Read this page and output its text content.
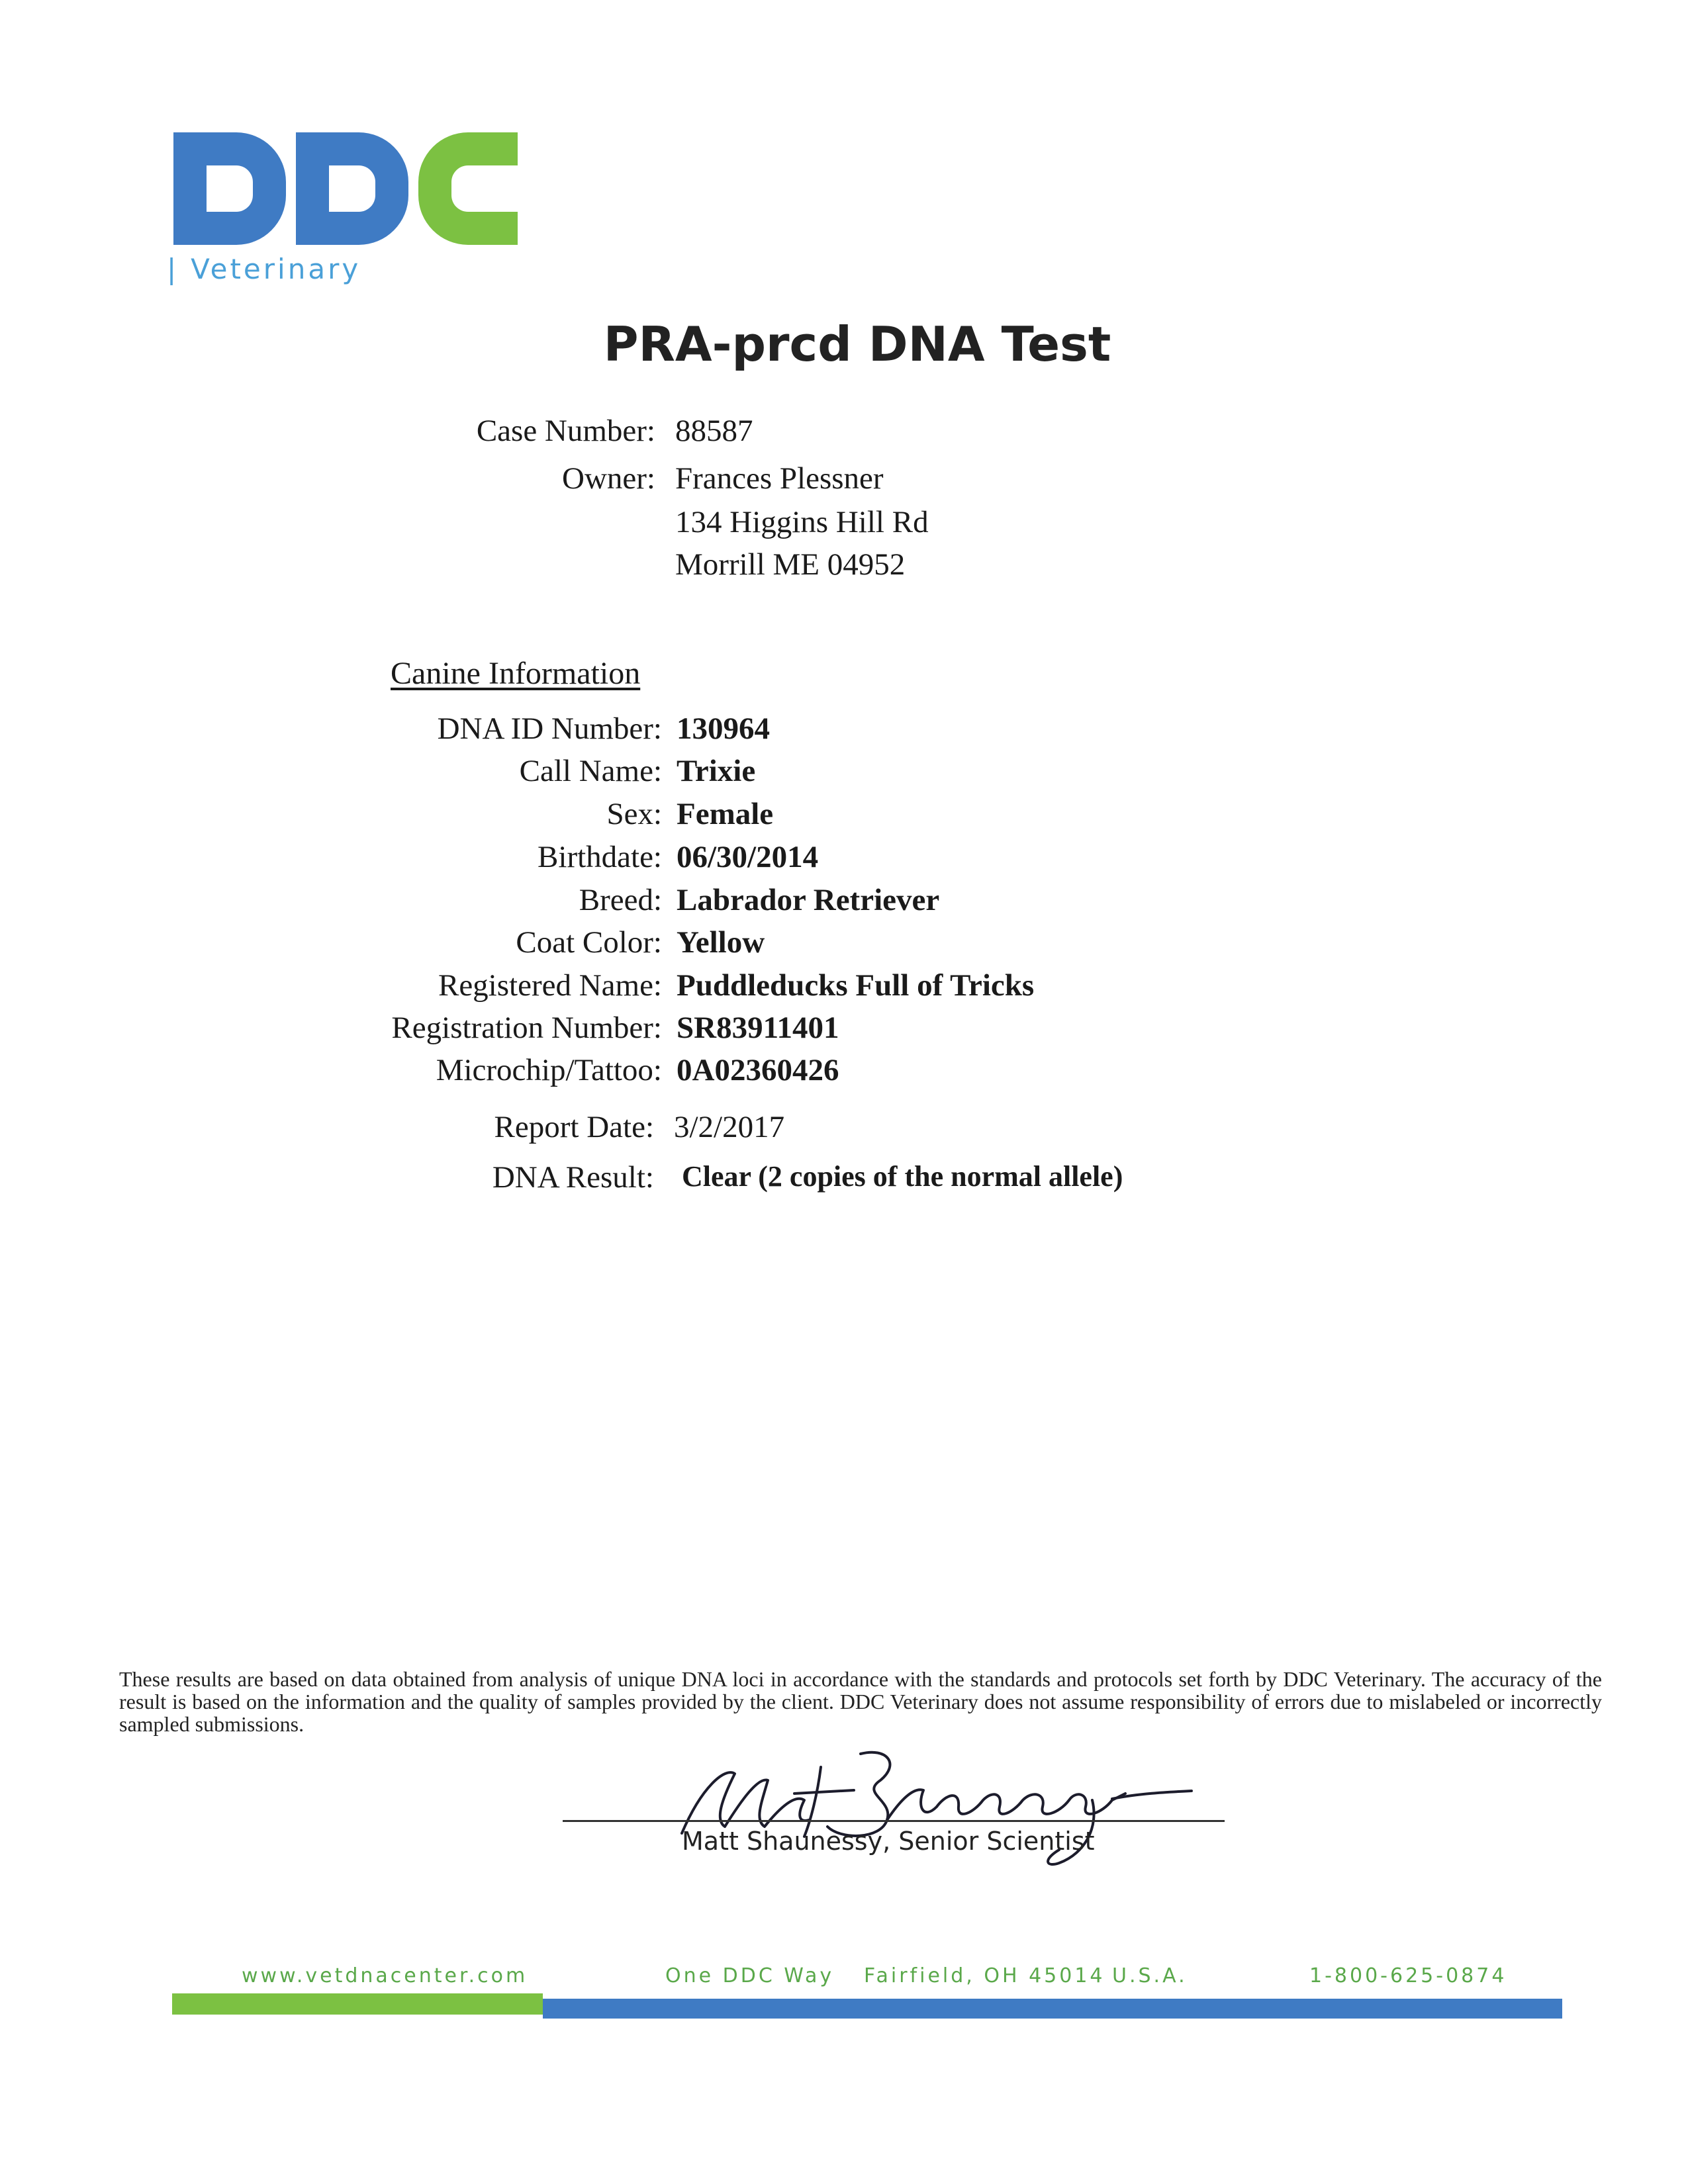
| Veterinary
PRA-prcd DNA Test
Case Number: 88587
Owner: Frances Plessner
134 Higgins Hill Rd
Morrill ME 04952
Canine Information
DNA ID Number: 130964
Call Name: Trixie
Sex: Female
Birthdate: 06/30/2014
Breed: Labrador Retriever
Coat Color: Yellow
Registered Name: Puddleducks Full of Tricks
Registration Number: SR83911401
Microchip/Tattoo: 0A02360426
Report Date: 3/2/2017
DNA Result: Clear (2 copies of the normal allele)
These results are based on data obtained from analysis of unique DNA loci in accordance with the standards and protocols set forth by DDC Veterinary. The accuracy of the result is based on the information and the quality of samples provided by the client. DDC Veterinary does not assume responsibility of errors due to mislabeled or incorrectly sampled submissions.
Matt Shaunessy, Senior Scientist
www.vetdnacenter.com	One DDC Way Fairfield, OH 45014 U.S.A.	1-800-625-0874
